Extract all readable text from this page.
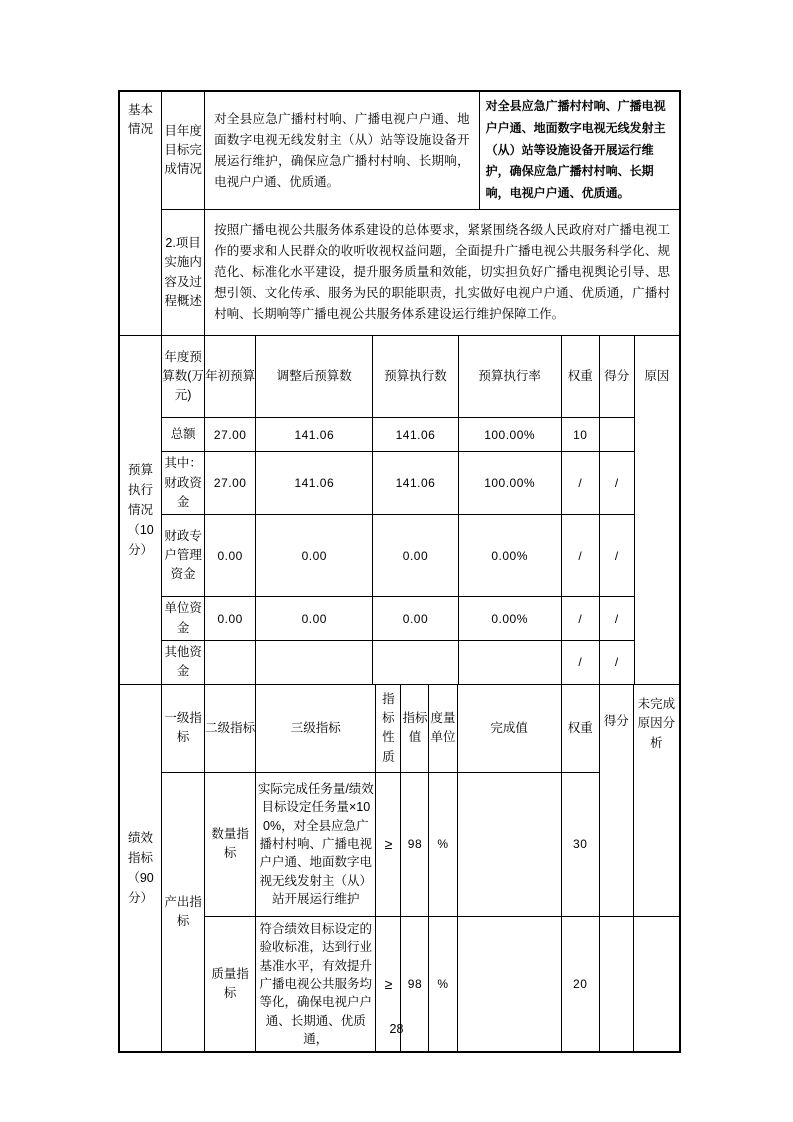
基本情况	目年度目标完成情况	对全县应急广播村村响、广播电视户户通、地面数字电视无线发射主（从）站等设施设备开展运行维护，确保应急广播村村响、长期响，电视户户通、优质通。	对全县应急广播村村响、广播电视户户通、地面数字电视无线发射主（从）站等设施设备开展运行维护，确保应急广播村村响、长期响，电视户户通、优质通。
	2.项目实施内容及过程概述	按照广播电视公共服务体系建设的总体要求，紧紧围绕各级人民政府对广播电视工作的要求和人民群众的收听收视权益问题，全面提升广播电视公共服务科学化、规范化、标准化水平建设，提升服务质量和效能，切实担负好广播电视舆论引导、思想引领、文化传承、服务为民的职能职责，扎实做好电视户户通、优质通，广播村村响、长期响等广播电视公共服务体系建设运行维护保障工作。	
预算执行情况（10分）	年度预算数(万元)	年初预算	调整后预算数	预算执行数	预算执行率	权重	得分	原因
	总额	27.00	141.06	141.06	100.00%	10		
	其中：财政资金	27.00	141.06	141.06	100.00%	/	/	
	财政专户管理资金	0.00	0.00	0.00	0.00%	/	/	
	单位资金	0.00	0.00	0.00	0.00%	/	/	
	其他资金					/	/	
绩效指标（90分）	一级指标	二级指标	三级指标	指标性质	指标值	度量单位	完成值	权重	得分	未完成原因分析
	产出指标	数量指标	实际完成任务量/绩效目标设定任务量×100%，对全县应急广播村村响、广播电视户户通、地面数字电视无线发射主（从）站开展运行维护	≥	98	%		30		
		质量指标	符合绩效目标设定的验收标准，达到行业基准水平，有效提升广播电视公共服务均等化，确保电视户户通、长期通、优质通，	≥	98	%		20		
28
